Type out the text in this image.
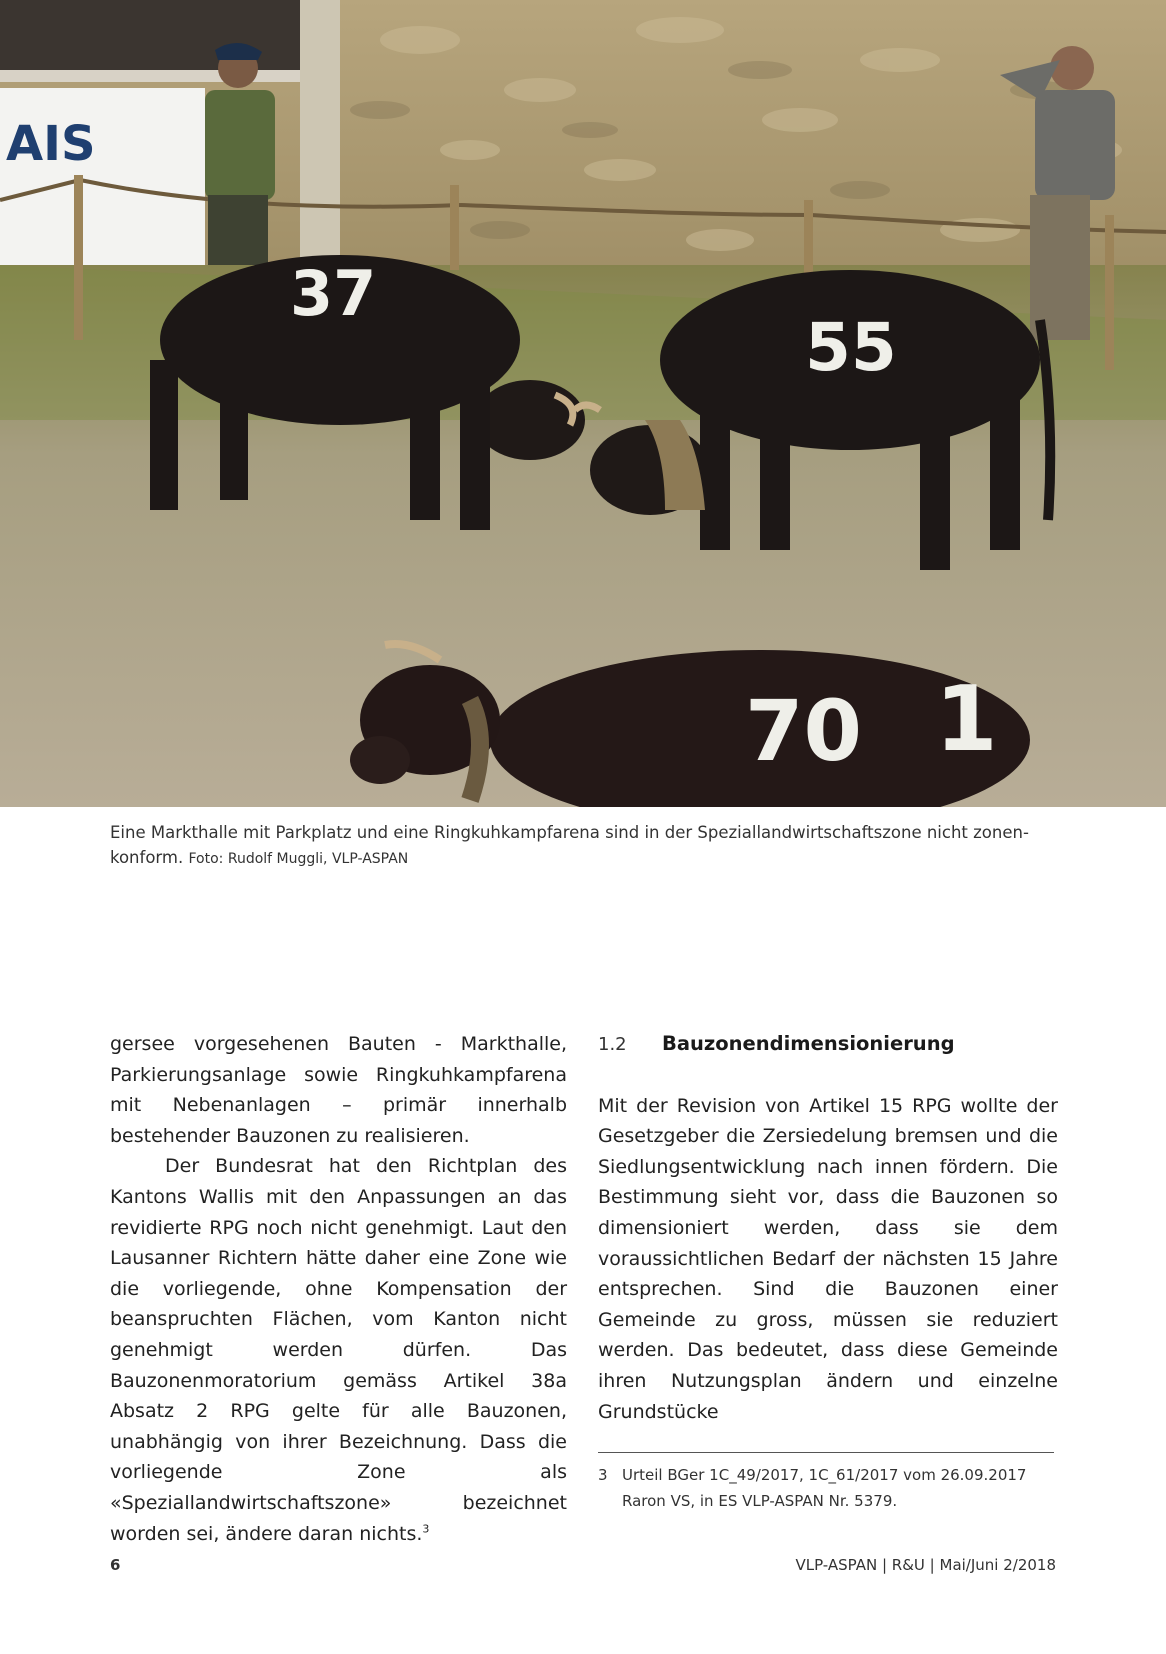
AIS
37
55
70 1
Eine Markthalle mit Parkplatz und eine Ringkuhkampfarena sind in der Speziallandwirtschaftszone nicht zonenkonform. Foto: Rudolf Muggli, VLP-ASPAN

gersee vorgesehenen Bauten - Markthalle, Parkierungsanlage sowie Ringkuhkampfarena mit Nebenanlagen – primär innerhalb bestehender Bauzonen zu realisieren.

Der Bundesrat hat den Richtplan des Kantons Wallis mit den Anpassungen an das revidierte RPG noch nicht genehmigt. Laut den Lausanner Richtern hätte daher eine Zone wie die vorliegende, ohne Kompensation der beanspruchten Flächen, vom Kanton nicht genehmigt werden dürfen. Das Bauzonenmoratorium gemäss Artikel 38a Absatz 2 RPG gelte für alle Bauzonen, unabhängig von ihrer Bezeichnung. Dass die vorliegende Zone als «Speziallandwirtschaftszone» bezeichnet worden sei, ändere daran nichts.$^3$

1.2	Bauzonendimensionierung

Mit der Revision von Artikel 15 RPG wollte der Gesetzgeber die Zersiedelung bremsen und die Siedlungsentwicklung nach innen fördern. Die Bestimmung sieht vor, dass die Bauzonen so dimensioniert werden, dass sie dem voraussichtlichen Bedarf der nächsten 15 Jahre entsprechen. Sind die Bauzonen einer Gemeinde zu gross, müssen sie reduziert werden. Das bedeutet, dass diese Gemeinde ihren Nutzungsplan ändern und einzelne Grundstücke

3 Urteil BGer 1C_49/2017, 1C_61/2017 vom 26.09.2017 Raron VS, in ES VLP-ASPAN Nr. 5379.
6	VLP-ASPAN | R&U | Mai/Juni 2/2018
